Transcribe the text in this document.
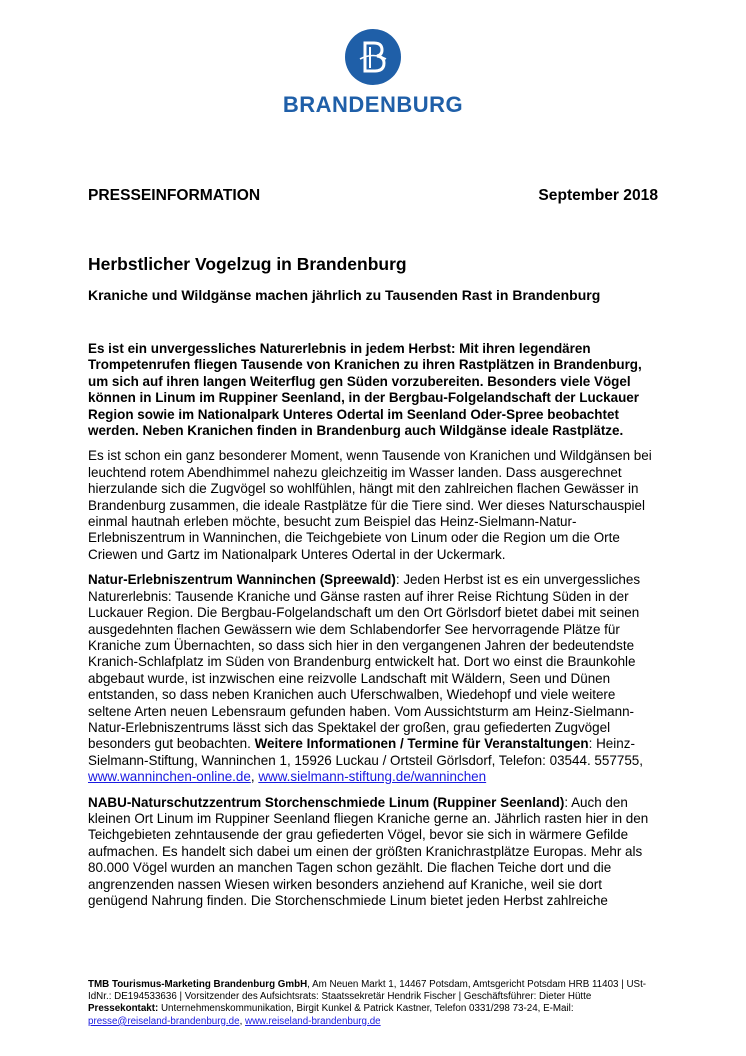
BRANDENBURG
PRESSEINFORMATION	September 2018
Herbstlicher Vogelzug in Brandenburg
Kraniche und Wildgänse machen jährlich zu Tausenden Rast in Brandenburg

Es ist ein unvergessliches Naturerlebnis in jedem Herbst: Mit ihren legendären Trompetenrufen fliegen Tausende von Kranichen zu ihren Rastplätzen in Brandenburg, um sich auf ihren langen Weiterflug gen Süden vorzubereiten. Besonders viele Vögel können in Linum im Ruppiner Seenland, in der Bergbau-Folgelandschaft der Luckauer Region sowie im Nationalpark Unteres Odertal im Seenland Oder-Spree beobachtet werden. Neben Kranichen finden in Brandenburg auch Wildgänse ideale Rastplätze.

Es ist schon ein ganz besonderer Moment, wenn Tausende von Kranichen und Wildgänsen bei leuchtend rotem Abendhimmel nahezu gleichzeitig im Wasser landen. Dass ausgerechnet hierzulande sich die Zugvögel so wohlfühlen, hängt mit den zahlreichen flachen Gewässer in Brandenburg zusammen, die ideale Rastplätze für die Tiere sind. Wer dieses Naturschauspiel einmal hautnah erleben möchte, besucht zum Beispiel das Heinz-Sielmann-Natur-Erlebniszentrum in Wanninchen, die Teichgebiete von Linum oder die Region um die Orte Criewen und Gartz im Nationalpark Unteres Odertal in der Uckermark.

Natur-Erlebniszentrum Wanninchen (Spreewald): Jeden Herbst ist es ein unvergessliches Naturerlebnis: Tausende Kraniche und Gänse rasten auf ihrer Reise Richtung Süden in der Luckauer Region. Die Bergbau-Folgelandschaft um den Ort Görlsdorf bietet dabei mit seinen ausgedehnten flachen Gewässern wie dem Schlabendorfer See hervorragende Plätze für Kraniche zum Übernachten, so dass sich hier in den vergangenen Jahren der bedeutendste Kranich-Schlafplatz im Süden von Brandenburg entwickelt hat. Dort wo einst die Braunkohle abgebaut wurde, ist inzwischen eine reizvolle Landschaft mit Wäldern, Seen und Dünen entstanden, so dass neben Kranichen auch Uferschwalben, Wiedehopf und viele weitere seltene Arten neuen Lebensraum gefunden haben. Vom Aussichtsturm am Heinz-Sielmann-Natur-Erlebniszentrums lässt sich das Spektakel der großen, grau gefiederten Zugvögel besonders gut beobachten. Weitere Informationen / Termine für Veranstaltungen: Heinz-Sielmann-Stiftung, Wanninchen 1, 15926 Luckau / Ortsteil Görlsdorf, Telefon: 03544. 557755, www.wanninchen-online.de, www.sielmann-stiftung.de/wanninchen

NABU-Naturschutzzentrum Storchenschmiede Linum (Ruppiner Seenland): Auch den kleinen Ort Linum im Ruppiner Seenland fliegen Kraniche gerne an. Jährlich rasten hier in den Teichgebieten zehntausende der grau gefiederten Vögel, bevor sie sich in wärmere Gefilde aufmachen. Es handelt sich dabei um einen der größten Kranichrastplätze Europas. Mehr als 80.000 Vögel wurden an manchen Tagen schon gezählt. Die flachen Teiche dort und die angrenzenden nassen Wiesen wirken besonders anziehend auf Kraniche, weil sie dort genügend Nahrung finden. Die Storchenschmiede Linum bietet jeden Herbst zahlreiche

TMB Tourismus-Marketing Brandenburg GmbH, Am Neuen Markt 1, 14467 Potsdam, Amtsgericht Potsdam HRB 11403 | USt-IdNr.: DE194533636 | Vorsitzender des Aufsichtsrats: Staatssekretär Hendrik Fischer | Geschäftsführer: Dieter Hütte Pressekontakt: Unternehmenskommunikation, Birgit Kunkel & Patrick Kastner, Telefon 0331/298 73-24, E-Mail: presse@reiseland-brandenburg.de, www.reiseland-brandenburg.de
